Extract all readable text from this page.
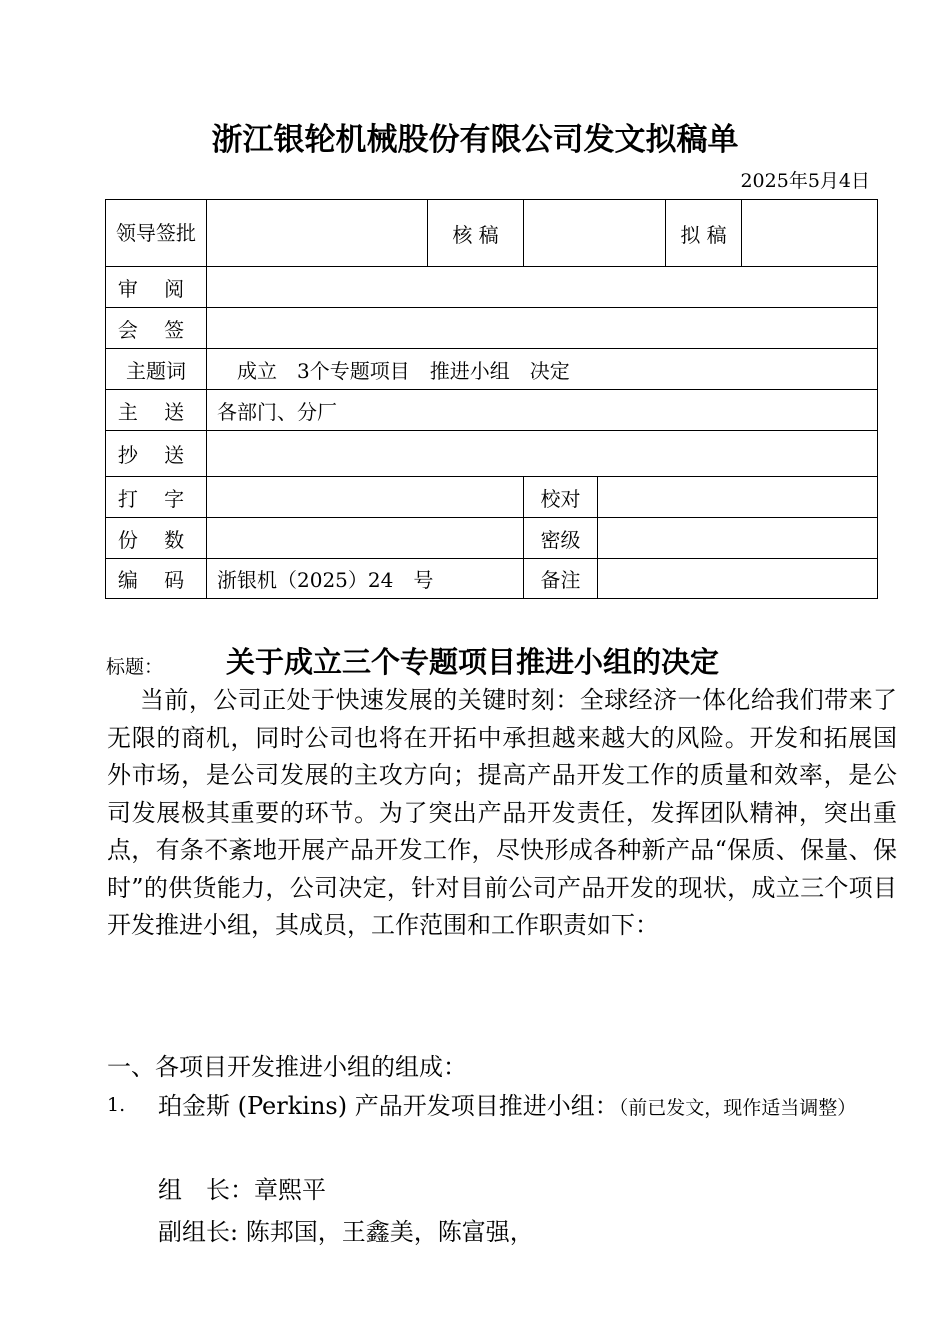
浙江银轮机械股份有限公司发文拟稿单
2025年5月4日
领导签批		核 稿			拟 稿	
审 阅						
会 签						
主题词	成立　3个专题项目　推进小组　决定					
主 送	各部门、分厂					
抄 送						
打 字			校对			
份 数			密级			
编 码	浙银机（2025）24　号		备注			
标题： 关于成立三个专题项目推进小组的决定

当前，公司正处于快速发展的关键时刻：全球经济一体化给我们带来了无限的商机，同时公司也将在开拓中承担越来越大的风险。开发和拓展国外市场，是公司发展的主攻方向；提高产品开发工作的质量和效率，是公司发展极其重要的环节。为了突出产品开发责任，发挥团队精神，突出重点，有条不紊地开展产品开发工作，尽快形成各种新产品“保质、保量、保时”的供货能力，公司决定，针对目前公司产品开发的现状，成立三个项目开发推进小组，其成员，工作范围和工作职责如下：

一、各项目开发推进小组的组成：
1. 珀金斯 (Perkins) 产品开发项目推进小组：（前已发文，现作适当调整）
组　长：章熙平
副组长: 陈邦国，王鑫美，陈富强，
